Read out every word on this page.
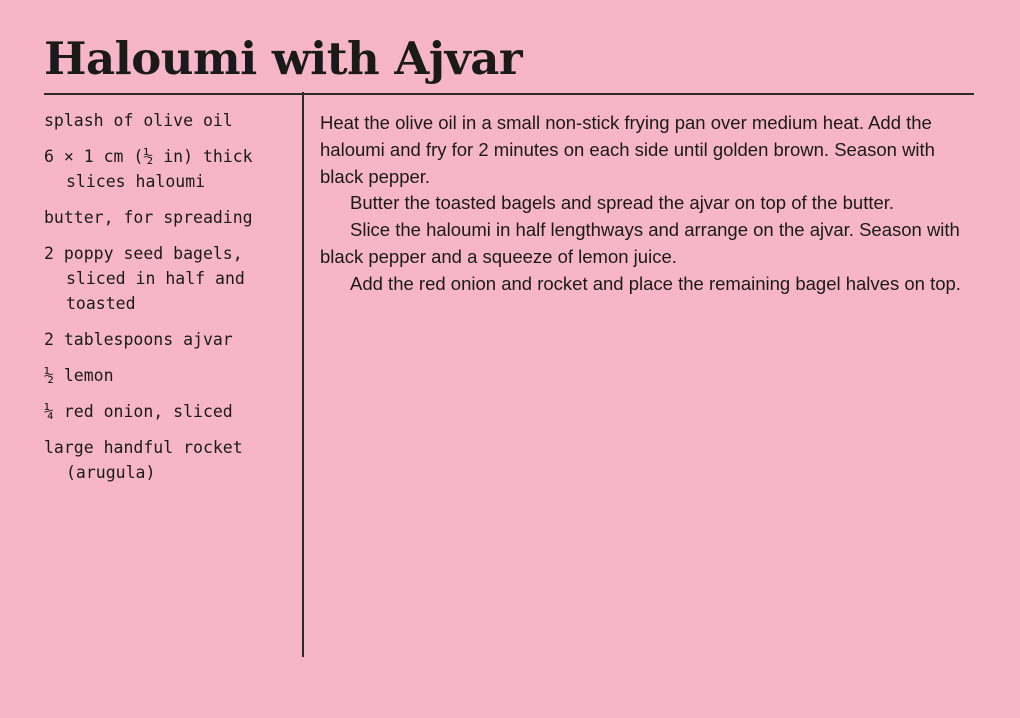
Haloumi with Ajvar
splash of olive oil
6 × 1 cm (½ in) thick
slices haloumi
butter, for spreading
2 poppy seed bagels,
sliced in half and
toasted
2 tablespoons ajvar
½ lemon
¼ red onion, sliced
large handful rocket
(arugula)

Heat the olive oil in a small non-stick frying pan over medium heat. Add the haloumi and fry for 2 minutes on each side until golden brown. Season with black pepper.

Butter the toasted bagels and spread the ajvar on top of the butter.

Slice the haloumi in half lengthways and arrange on the ajvar. Season with black pepper and a squeeze of lemon juice.

Add the red onion and rocket and place the remaining bagel halves on top.
